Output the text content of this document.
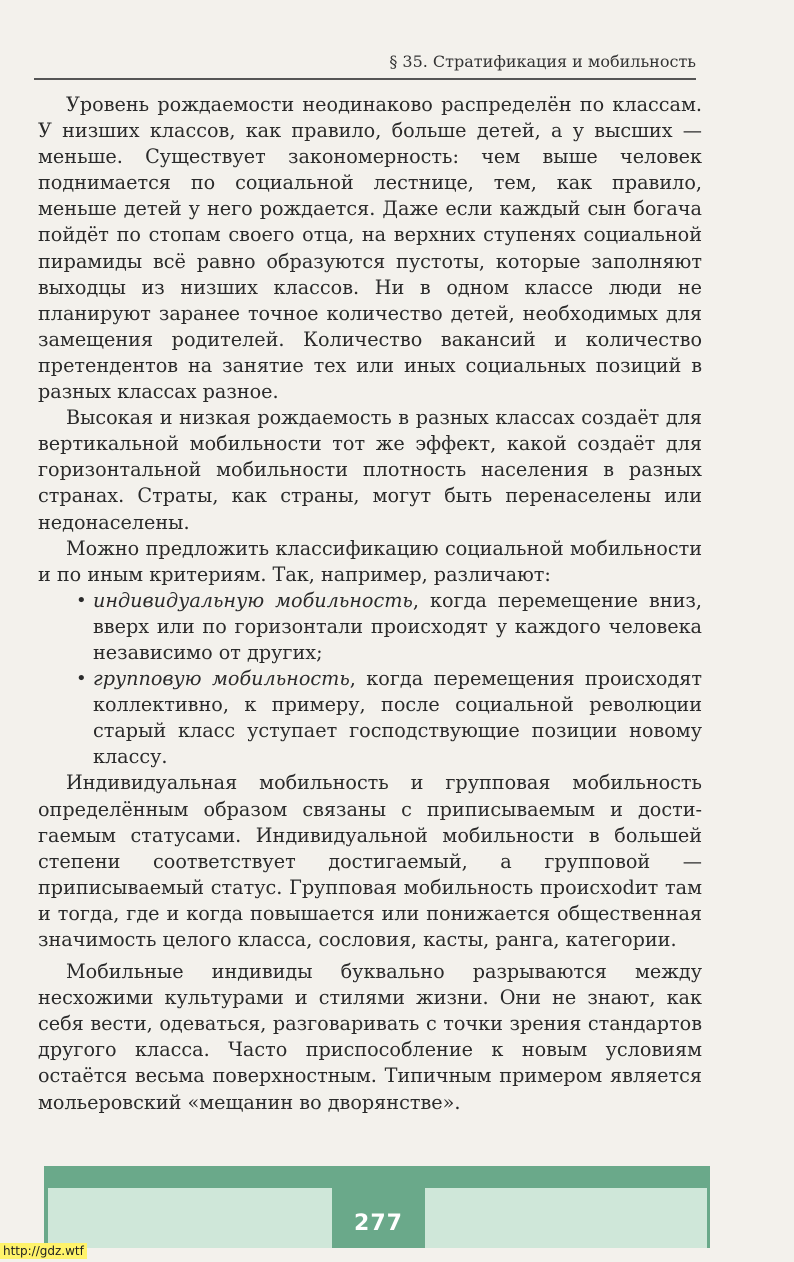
§ 35. Стратификация и мобильность

Уровень рождаемости неодинаково распределён по классам. У низших классов, как правило, больше детей, а у высших — меньше. Существует закономерность: чем выше человек поднимается по социальной лестнице, тем, как правило, меньше детей у него рождается. Даже если каждый сын богача пойдёт по стопам своего отца, на верхних ступенях социальной пирамиды всё равно образуются пустоты, которые заполняют выходцы из низших классов. Ни в одном классе люди не планируют заранее точное количество детей, необходимых для замещения родителей. Количество вакансий и количество претендентов на занятие тех или иных социальных позиций в разных классах разное.

Высокая и низкая рождаемость в разных классах создаёт для вертикальной мобильности тот же эффект, какой создаёт для горизонтальной мобильности плотность населения в разных странах. Страты, как страны, могут быть перенаселены или недонаселены.

Можно предложить классификацию социальной мобильности и по иным критериям. Так, например, различают:

• индивидуальную мобильность, когда перемещение вниз, вверх или по горизонтали происходят у каждого человека независимо от других;
• групповую мобильность, когда перемещения происходят коллективно, к примеру, после социальной революции старый класс уступает господствующие позиции новому классу.

Индивидуальная мобильность и групповая мобильность определённым образом связаны с приписываемым и достигаемым статусами. Индивидуальной мобильности в большей степени соответствует достигаемый, а групповой — приписываемый статус. Групповая мобильность происхоdит там и тогда, где и когда повышается или понижается общественная значимость целого класса, сословия, касты, ранга, категории.

Мобильные индивиды буквально разрываются между несхожими культурами и стилями жизни. Они не знают, как себя вести, одеваться, разговаривать с точки зрения стандартов другого класса. Часто приспособление к новым условиям остаётся весьма поверхностным. Типичным примером является мольеровский «мещанин во дворянстве».

277
http://gdz.wtf
